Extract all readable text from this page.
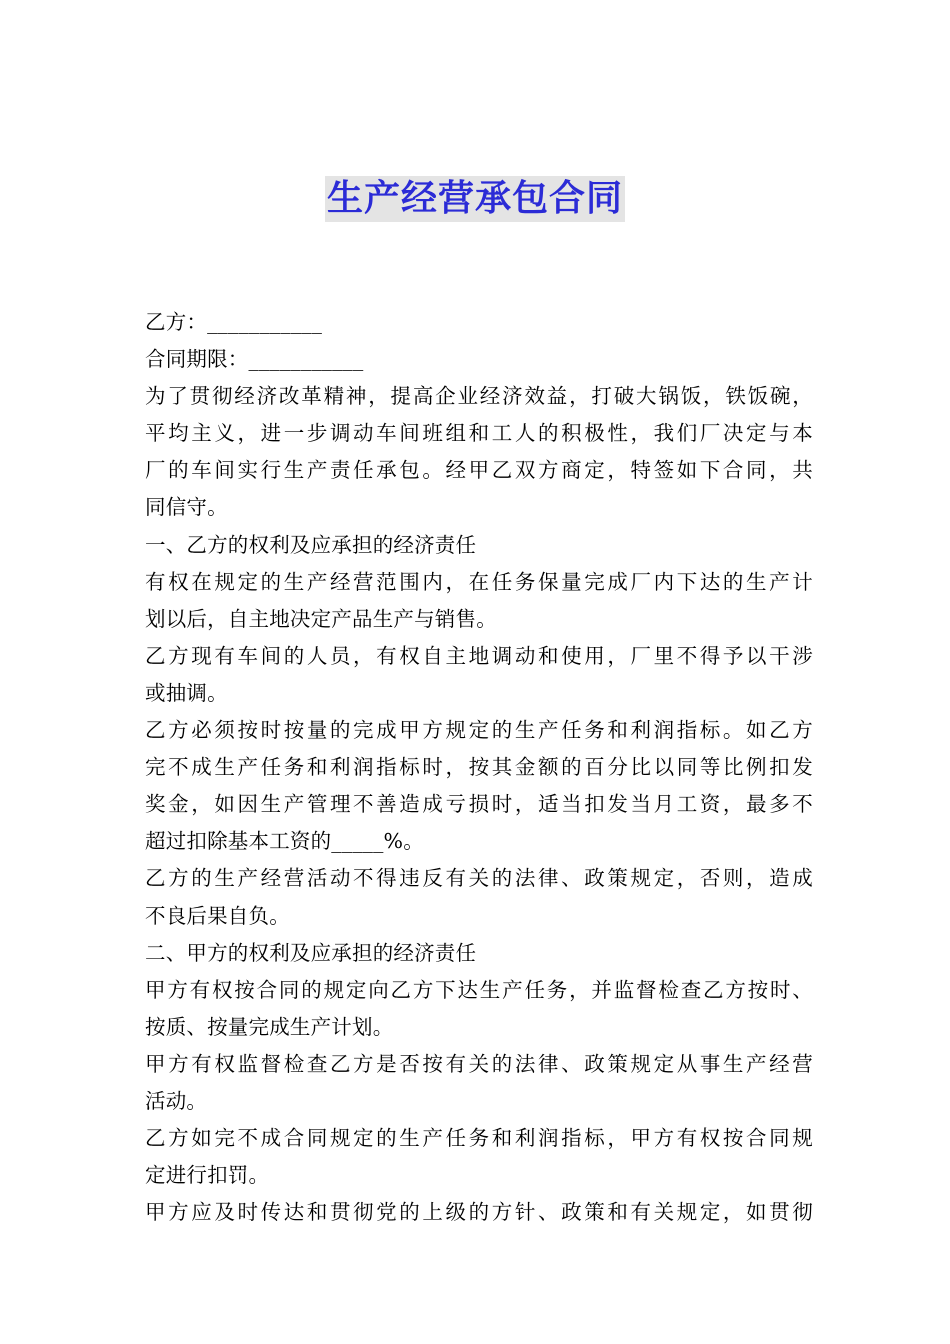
生产经营承包合同
乙方：___________
合同期限：___________
为了贯彻经济改革精神，提高企业经济效益，打破大锅饭，铁饭碗，
平均主义，进一步调动车间班组和工人的积极性，我们厂决定与本
厂的车间实行生产责任承包。经甲乙双方商定，特签如下合同，共
同信守。
一、乙方的权利及应承担的经济责任
有权在规定的生产经营范围内，在任务保量完成厂内下达的生产计
划以后，自主地决定产品生产与销售。
乙方现有车间的人员，有权自主地调动和使用，厂里不得予以干涉
或抽调。
乙方必须按时按量的完成甲方规定的生产任务和利润指标。如乙方
完不成生产任务和利润指标时，按其金额的百分比以同等比例扣发
奖金，如因生产管理不善造成亏损时，适当扣发当月工资，最多不
超过扣除基本工资的_____%。
乙方的生产经营活动不得违反有关的法律、政策规定，否则，造成
不良后果自负。
二、甲方的权利及应承担的经济责任
甲方有权按合同的规定向乙方下达生产任务，并监督检查乙方按时、
按质、按量完成生产计划。
甲方有权监督检查乙方是否按有关的法律、政策规定从事生产经营
活动。
乙方如完不成合同规定的生产任务和利润指标，甲方有权按合同规
定进行扣罚。
甲方应及时传达和贯彻党的上级的方针、政策和有关规定，如贯彻
